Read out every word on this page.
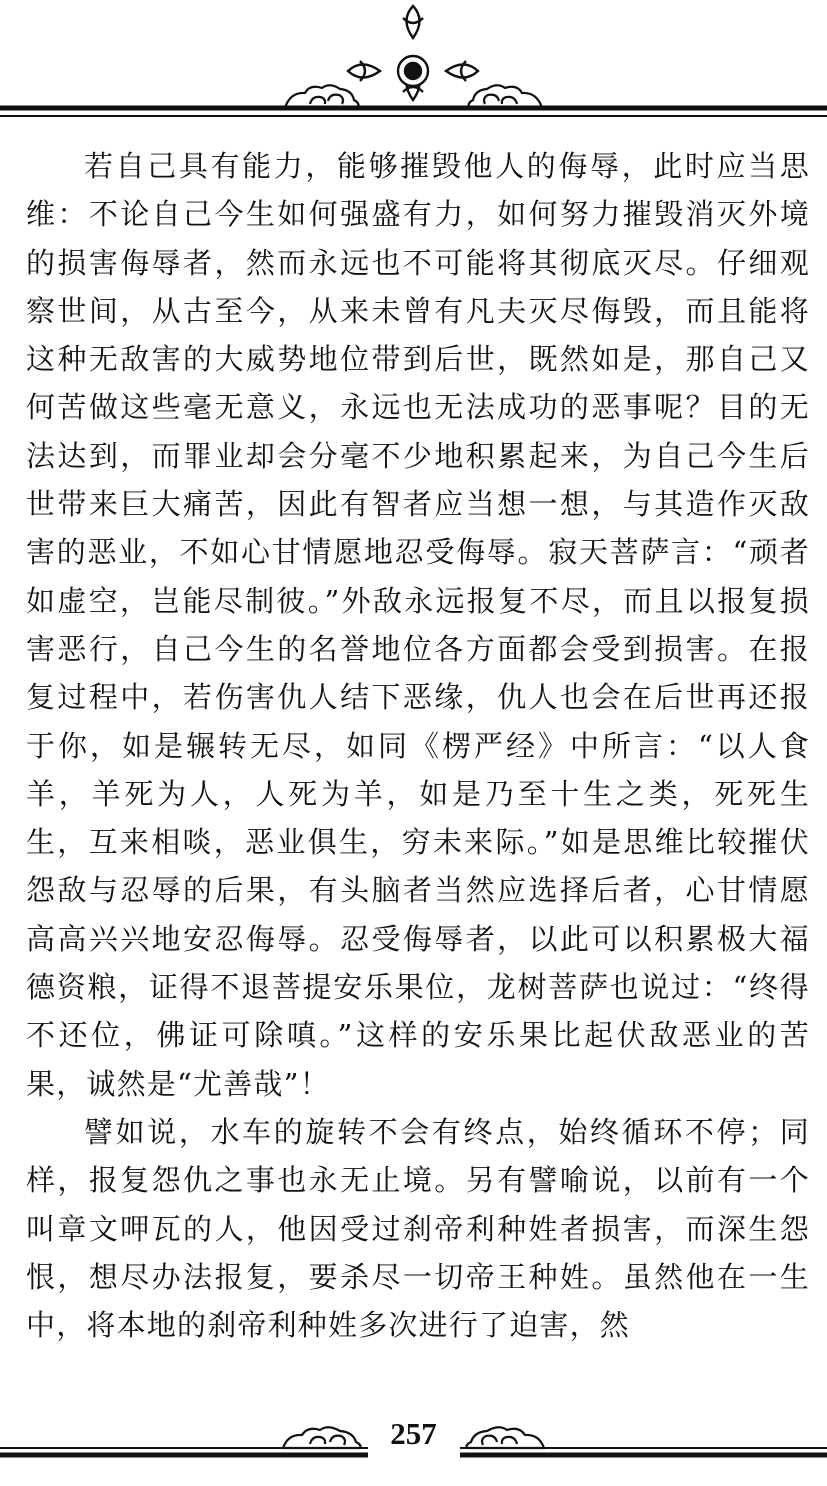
若自己具有能力，能够摧毁他人的侮辱，此时应当思维：不论自己今生如何强盛有力，如何努力摧毁消灭外境的损害侮辱者，然而永远也不可能将其彻底灭尽。仔细观察世间，从古至今，从来未曾有凡夫灭尽侮毁，而且能将这种无敌害的大威势地位带到后世，既然如是，那自己又何苦做这些毫无意义，永远也无法成功的恶事呢？目的无法达到，而罪业却会分毫不少地积累起来，为自己今生后世带来巨大痛苦，因此有智者应当想一想，与其造作灭敌害的恶业，不如心甘情愿地忍受侮辱。寂天菩萨言：“顽者如虚空，岂能尽制彼。”外敌永远报复不尽，而且以报复损害恶行，自己今生的名誉地位各方面都会受到损害。在报复过程中，若伤害仇人结下恶缘，仇人也会在后世再还报于你，如是辗转无尽，如同《楞严经》中所言：“以人食羊，羊死为人，人死为羊，如是乃至十生之类，死死生生，互来相啖，恶业俱生，穷未来际。”如是思维比较摧伏怨敌与忍辱的后果，有头脑者当然应选择后者，心甘情愿高高兴兴地安忍侮辱。忍受侮辱者，以此可以积累极大福德资粮，证得不退菩提安乐果位，龙树菩萨也说过：“终得不还位，佛证可除嗔。”这样的安乐果比起伏敌恶业的苦果，诚然是“尤善哉”！

譬如说，水车的旋转不会有终点，始终循环不停；同样，报复怨仇之事也永无止境。另有譬喻说，以前有一个叫章文呷瓦的人，他因受过刹帝利种姓者损害，而深生怨恨，想尽办法报复，要杀尽一切帝王种姓。虽然他在一生中，将本地的刹帝利种姓多次进行了迫害，然

257
